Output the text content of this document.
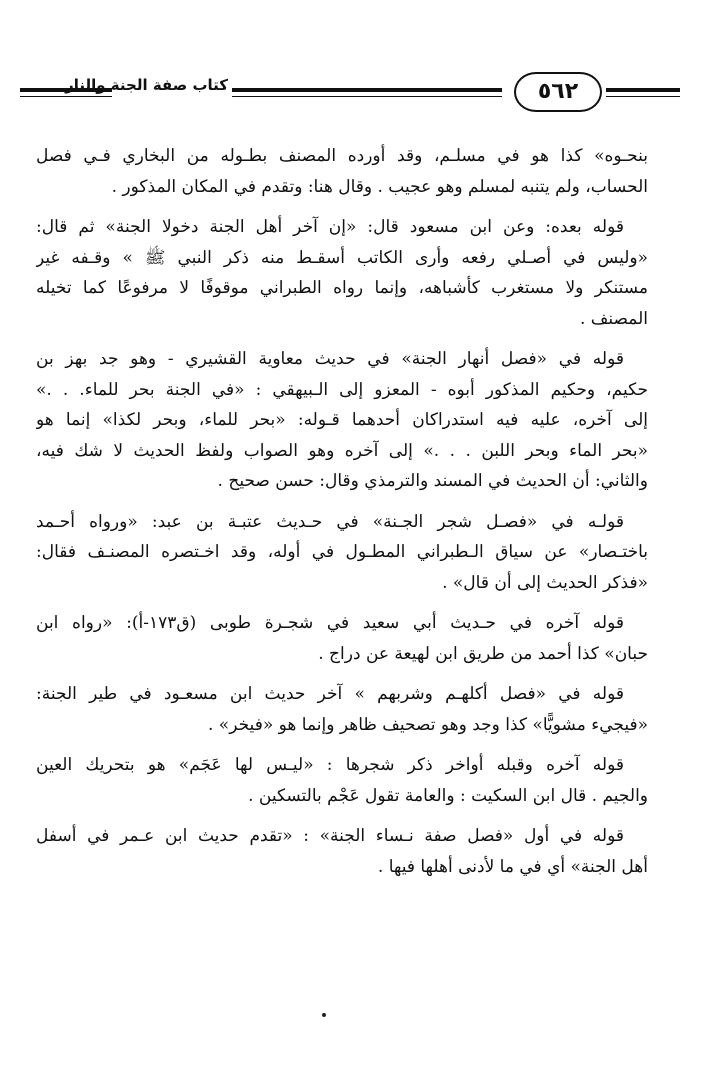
كتاب صفة الجنة والنار	٥٦٢

بنحـوه» كذا هو في مسلـم، وقد أورده المصنف بطـوله من البخاري فـي فصل
الحساب، ولم يتنبه لمسلم وهو عجيب . وقال هنا: وتقدم في المكان المذكور .

قوله بعده: وعن ابن مسعود قال: «إن آخر أهل الجنة دخولا الجنة» ثم قال:
«وليس في أصـلي رفعه وأرى الكاتب أسقـط منه ذكر النبي ﷺ » وقـفه غير
مستنكر ولا مستغرب كأشباهه، وإنما رواه الطبراني موقوفًا لا مرفوعًا كما تخيله
المصنف .

قوله في «فصل أنهار الجنة» في حديث معاوية القشيري - وهو جد بهز بن
حكيم، وحكيم المذكور أبوه - المعزو إلى الـبيهقي : «في الجنة بحر للماء. . .»
إلى آخره، عليه فيه استدراكان أحدهما قـوله: «بحر للماء، وبحر لكذا» إنما هو
«بحر الماء وبحر اللبن . . .» إلى آخره وهو الصواب ولفظ الحديث لا شك فيه،
والثاني: أن الحديث في المسند والترمذي وقال: حسن صحيح .

قولـه في «فصـل شجر الجـنة» في حـديث عتبـة بن عبد: «ورواه أحـمد
باختـصار» عن سياق الـطبراني المطـول في أوله، وقد اخـتصره المصنـف فقال:
«فذكر الحديث إلى أن قال» .

قوله آخره في حـديث أبي سعيد في شجـرة طوبى (ق١٧٣-أ): «رواه ابن
حبان» كذا أحمد من طريق ابن لهيعة عن دراج .

قوله في «فصل أكلهـم وشربهم » آخر حديث ابن مسعـود في طير الجنة:
«فيجيء مشويًّا» كذا وجد وهو تصحيف ظاهر وإنما هو «فيخر» .

قوله آخره وقبله أواخر ذكر شجرها : «ليـس لها عَجَم» هو بتحريك العين
والجيم . قال ابن السكيت : والعامة تقول عَجْم بالتسكين .

قوله في أول «فصل صفة نـساء الجنة» : «تقدم حديث ابن عـمر في أسفل
أهل الجنة» أي في ما لأدنى أهلها فيها .
